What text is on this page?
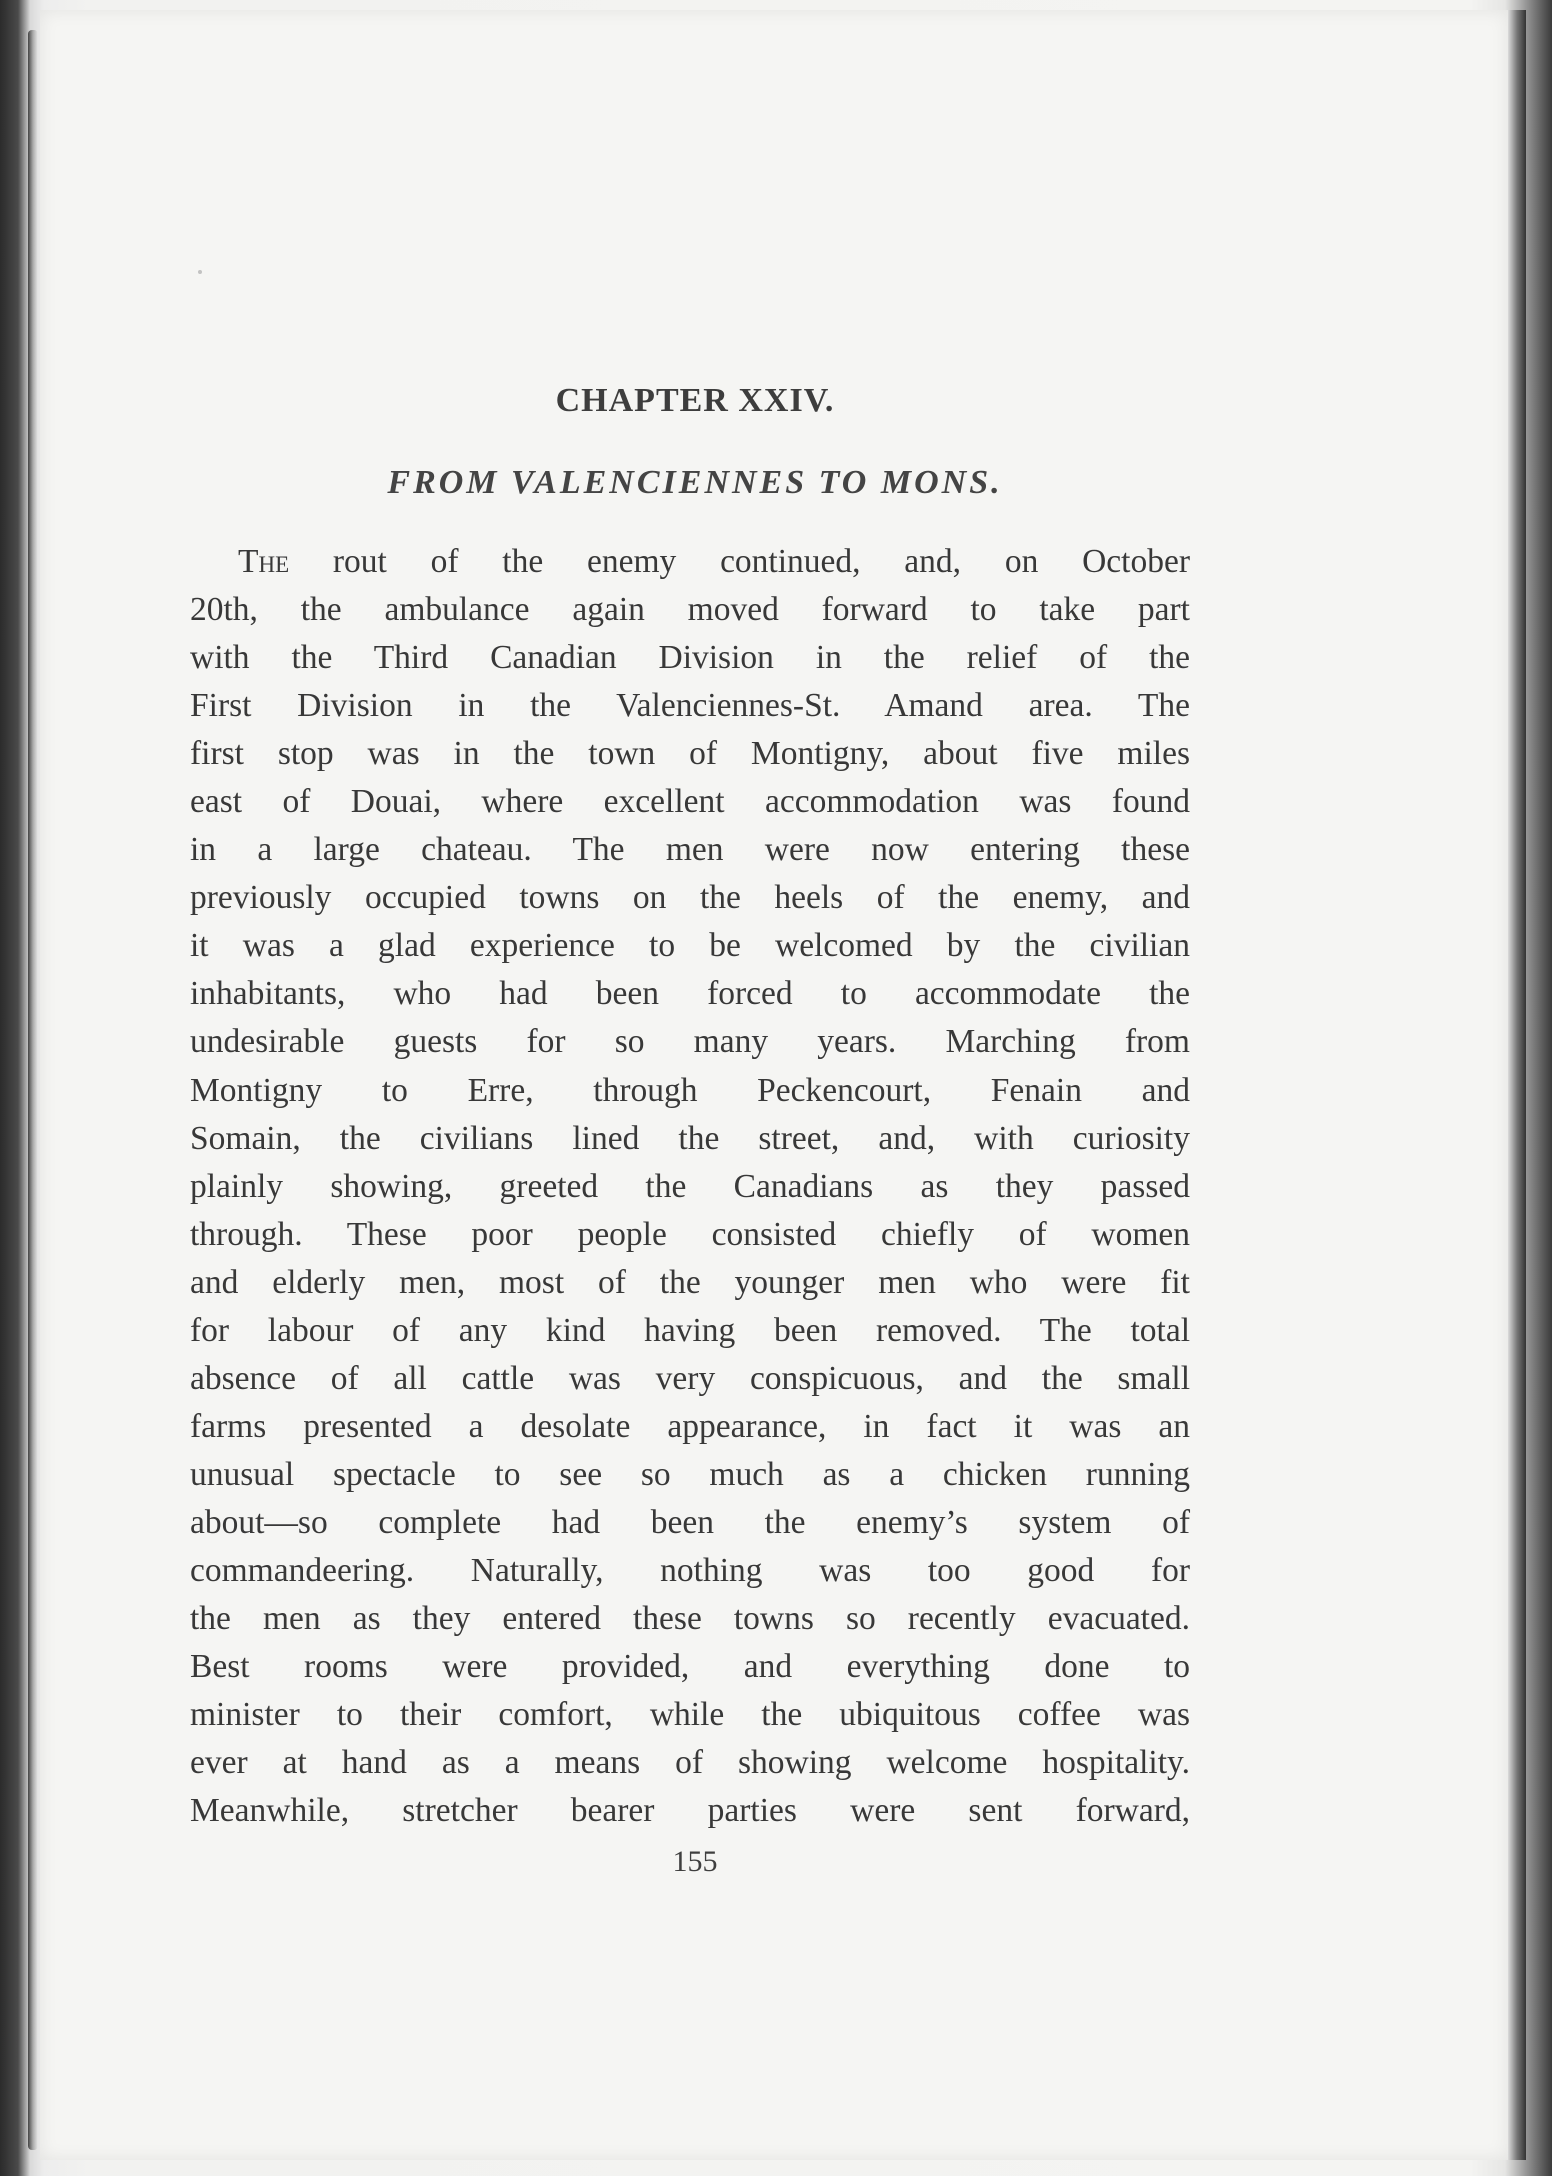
CHAPTER XXIV.
FROM VALENCIENNES TO MONS.
The rout of the enemy continued, and, on October
20th, the ambulance again moved forward to take part
with the Third Canadian Division in the relief of the
First Division in the Valenciennes-St. Amand area. The
first stop was in the town of Montigny, about five miles
east of Douai, where excellent accommodation was found
in a large chateau. The men were now entering these
previously occupied towns on the heels of the enemy, and
it was a glad experience to be welcomed by the civilian
inhabitants, who had been forced to accommodate the
undesirable guests for so many years. Marching from
Montigny to Erre, through Peckencourt, Fenain and
Somain, the civilians lined the street, and, with curiosity
plainly showing, greeted the Canadians as they passed
through. These poor people consisted chiefly of women
and elderly men, most of the younger men who were fit
for labour of any kind having been removed. The total
absence of all cattle was very conspicuous, and the small
farms presented a desolate appearance, in fact it was an
unusual spectacle to see so much as a chicken running
about—so complete had been the enemy’s system of
commandeering. Naturally, nothing was too good for
the men as they entered these towns so recently evacuated.
Best rooms were provided, and everything done to
minister to their comfort, while the ubiquitous coffee was
ever at hand as a means of showing welcome hospitality.
Meanwhile, stretcher bearer parties were sent forward,

155
